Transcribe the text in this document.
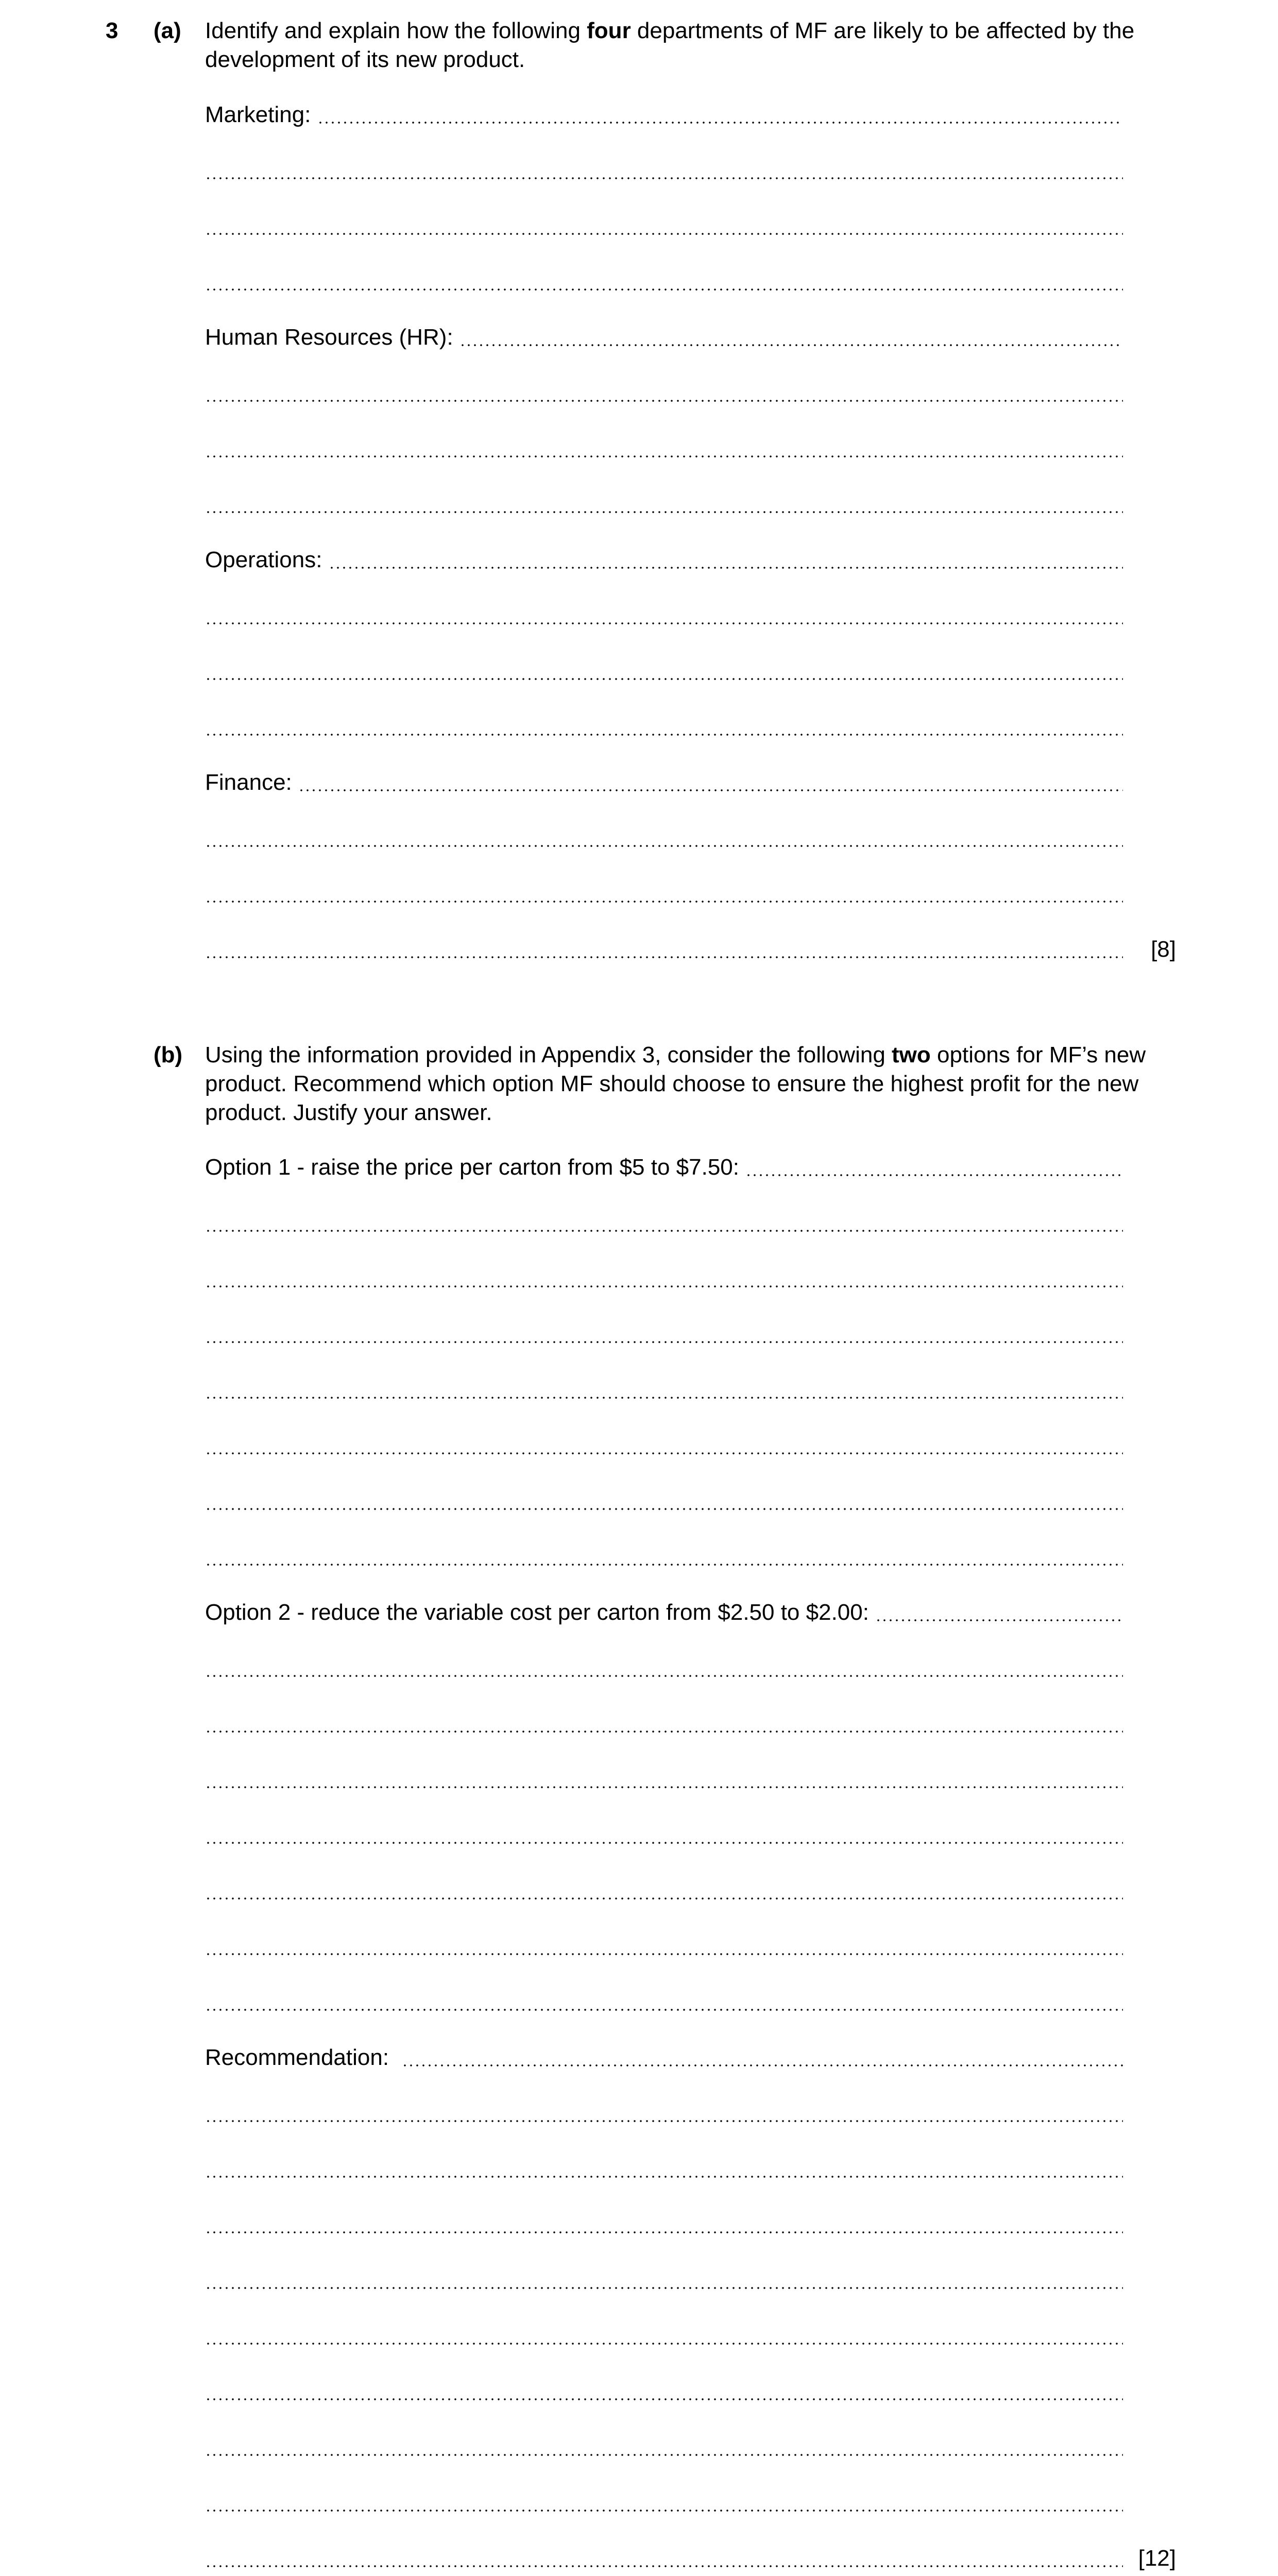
3 (a) Identify and explain how the following four departments of MF are likely to be affected by the development of its new product.
Marketing:
Human Resources (HR):
Operations:
Finance:
[8]
(b) Using the information provided in Appendix 3, consider the following two options for MF’s new product. Recommend which option MF should choose to ensure the highest profit for the new product. Justify your answer.
Option 1 - raise the price per carton from $5 to $7.50:
Option 2 - reduce the variable cost per carton from $2.50 to $2.00:
Recommendation:
[12]
